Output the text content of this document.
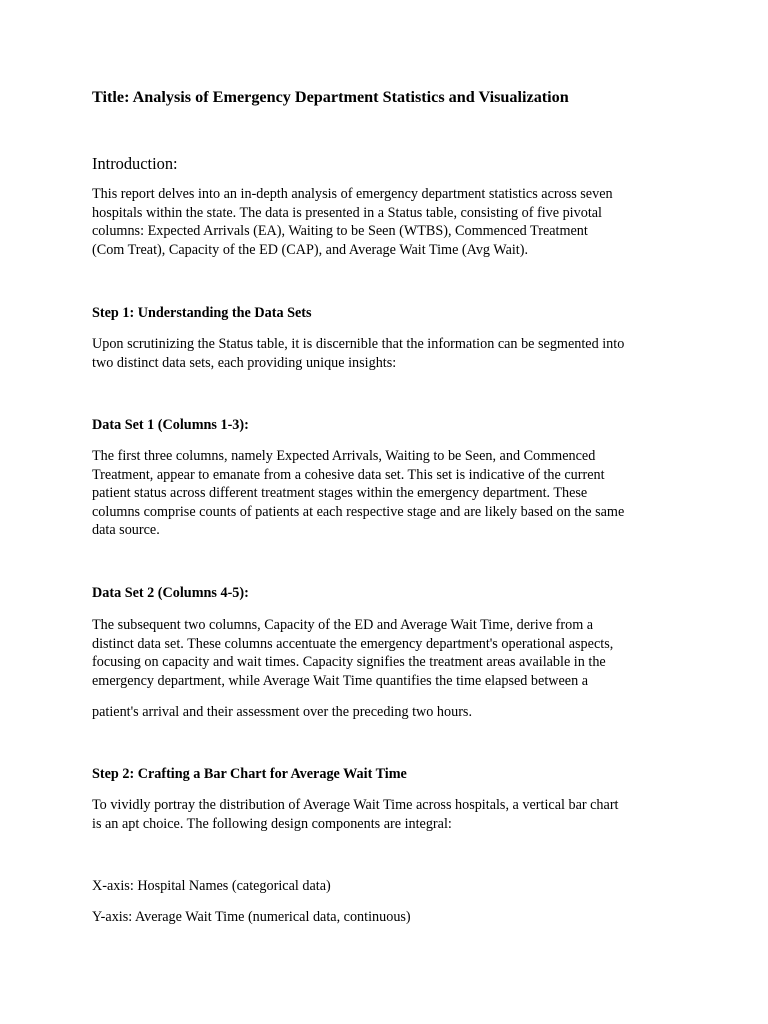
Title: Analysis of Emergency Department Statistics and Visualization
Introduction:

This report delves into an in-depth analysis of emergency department statistics across seven
hospitals within the state. The data is presented in a Status table, consisting of five pivotal
columns: Expected Arrivals (EA), Waiting to be Seen (WTBS), Commenced Treatment
(Com Treat), Capacity of the ED (CAP), and Average Wait Time (Avg Wait).

Step 1: Understanding the Data Sets

Upon scrutinizing the Status table, it is discernible that the information can be segmented into
two distinct data sets, each providing unique insights:

Data Set 1 (Columns 1-3):

The first three columns, namely Expected Arrivals, Waiting to be Seen, and Commenced
Treatment, appear to emanate from a cohesive data set. This set is indicative of the current
patient status across different treatment stages within the emergency department. These
columns comprise counts of patients at each respective stage and are likely based on the same
data source.

Data Set 2 (Columns 4-5):

The subsequent two columns, Capacity of the ED and Average Wait Time, derive from a
distinct data set. These columns accentuate the emergency department's operational aspects,
focusing on capacity and wait times. Capacity signifies the treatment areas available in the
emergency department, while Average Wait Time quantifies the time elapsed between a

patient's arrival and their assessment over the preceding two hours.

Step 2: Crafting a Bar Chart for Average Wait Time

To vividly portray the distribution of Average Wait Time across hospitals, a vertical bar chart
is an apt choice. The following design components are integral:

X-axis: Hospital Names (categorical data)

Y-axis: Average Wait Time (numerical data, continuous)
